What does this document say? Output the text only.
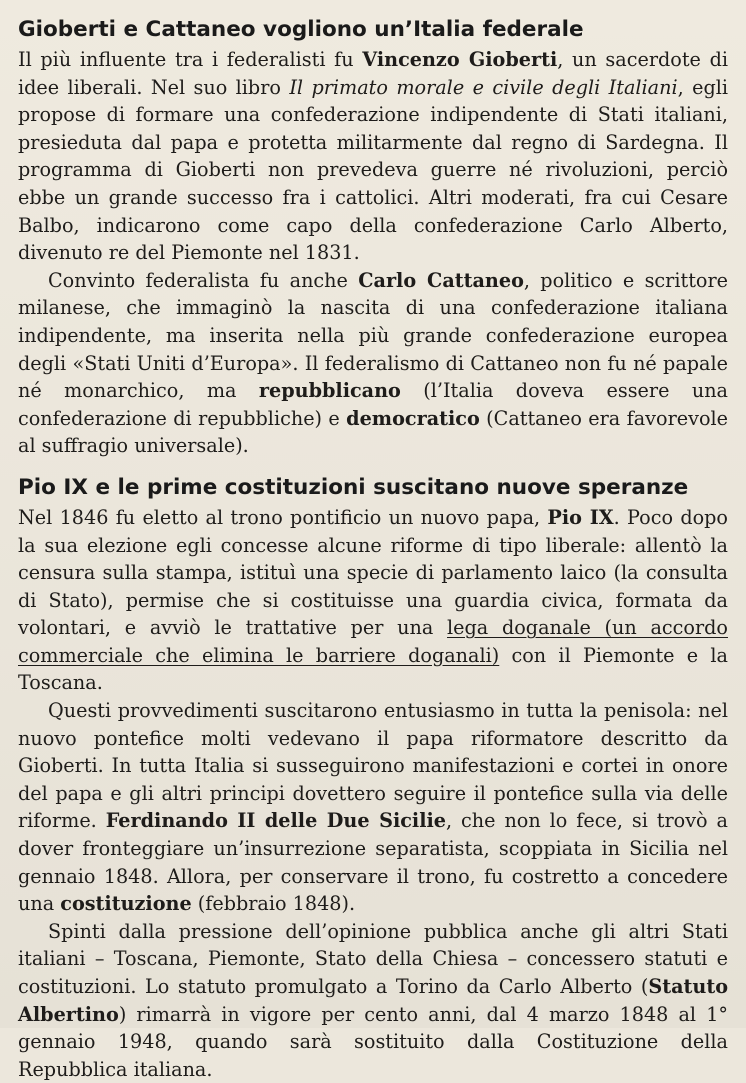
Gioberti e Cattaneo vogliono un’Italia federale

Il più influente tra i federalisti fu Vincenzo Gioberti, un sacerdote di idee liberali. Nel suo libro Il primato morale e civile degli Italiani, egli propose di formare una confederazione indipendente di Stati italiani, presieduta dal papa e protetta militarmente dal regno di Sardegna. Il programma di Gioberti non prevedeva guerre né rivoluzioni, perciò ebbe un grande successo fra i cattolici. Altri moderati, fra cui Cesare Balbo, indicarono come capo della confederazione Carlo Alberto, divenuto re del Piemonte nel 1831.

Convinto federalista fu anche Carlo Cattaneo, politico e scrittore milanese, che immaginò la nascita di una confederazione italiana indipendente, ma inserita nella più grande confederazione europea degli «Stati Uniti d’Europa». Il federalismo di Cattaneo non fu né papale né monarchico, ma repubblicano (l’Italia doveva essere una confederazione di repubbliche) e democratico (Cattaneo era favorevole al suffragio universale).

Pio IX e le prime costituzioni suscitano nuove speranze

Nel 1846 fu eletto al trono pontificio un nuovo papa, Pio IX. Poco dopo la sua elezione egli concesse alcune riforme di tipo liberale: allentò la censura sulla stampa, istituì una specie di parlamento laico (la consulta di Stato), permise che si costituisse una guardia civica, formata da volontari, e avviò le trattative per una lega doganale (un accordo commerciale che elimina le barriere doganali) con il Piemonte e la Toscana.

Questi provvedimenti suscitarono entusiasmo in tutta la penisola: nel nuovo pontefice molti vedevano il papa riformatore descritto da Gioberti. In tutta Italia si susseguirono manifestazioni e cortei in onore del papa e gli altri principi dovettero seguire il pontefice sulla via delle riforme. Ferdinando II delle Due Sicilie, che non lo fece, si trovò a dover fronteggiare un’insurrezione separatista, scoppiata in Sicilia nel gennaio 1848. Allora, per conservare il trono, fu costretto a concedere una costituzione (febbraio 1848).

Spinti dalla pressione dell’opinione pubblica anche gli altri Stati italiani – Toscana, Piemonte, Stato della Chiesa – concessero statuti e costituzioni. Lo statuto promulgato a Torino da Carlo Alberto (Statuto Albertino) rimarrà in vigore per cento anni, dal 4 marzo 1848 al 1° gennaio 1948, quando sarà sostituito dalla Costituzione della Repubblica italiana.
